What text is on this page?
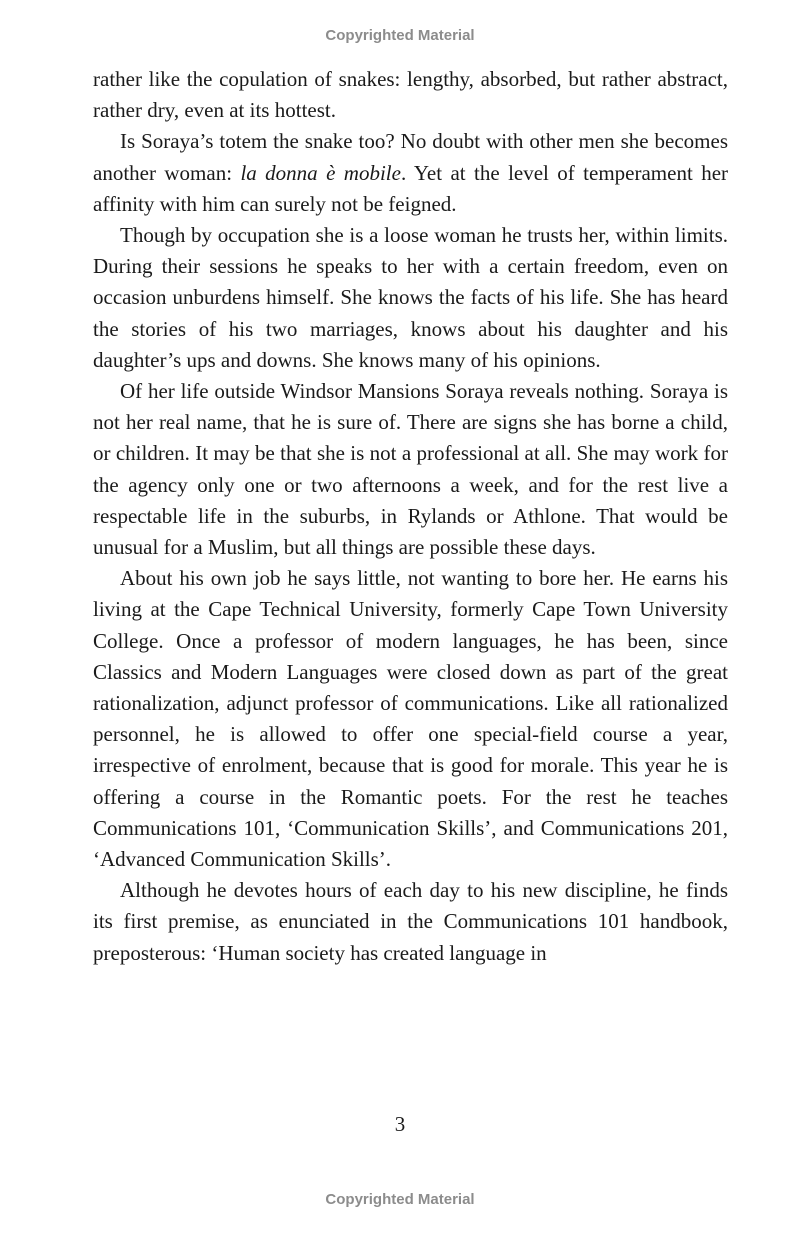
Copyrighted Material

rather like the copulation of snakes: lengthy, absorbed, but rather abstract, rather dry, even at its hottest.

Is Soraya’s totem the snake too? No doubt with other men she becomes another woman: la donna è mobile. Yet at the level of temperament her affinity with him can surely not be feigned.

Though by occupation she is a loose woman he trusts her, within limits. During their sessions he speaks to her with a certain freedom, even on occasion unburdens himself. She knows the facts of his life. She has heard the stories of his two marriages, knows about his daughter and his daughter’s ups and downs. She knows many of his opinions.

Of her life outside Windsor Mansions Soraya reveals nothing. Soraya is not her real name, that he is sure of. There are signs she has borne a child, or children. It may be that she is not a professional at all. She may work for the agency only one or two afternoons a week, and for the rest live a respectable life in the suburbs, in Rylands or Athlone. That would be unusual for a Muslim, but all things are possible these days.

About his own job he says little, not wanting to bore her. He earns his living at the Cape Technical University, formerly Cape Town University College. Once a professor of modern languages, he has been, since Classics and Modern Languages were closed down as part of the great rationalization, adjunct professor of communications. Like all rationalized personnel, he is allowed to offer one special-field course a year, irrespective of enrolment, because that is good for morale. This year he is offering a course in the Romantic poets. For the rest he teaches Communications 101, ‘Communication Skills’, and Communications 201, ‘Advanced Communication Skills’.

Although he devotes hours of each day to his new discipline, he finds its first premise, as enunciated in the Communications 101 handbook, preposterous: ‘Human society has created language in

3
Copyrighted Material
